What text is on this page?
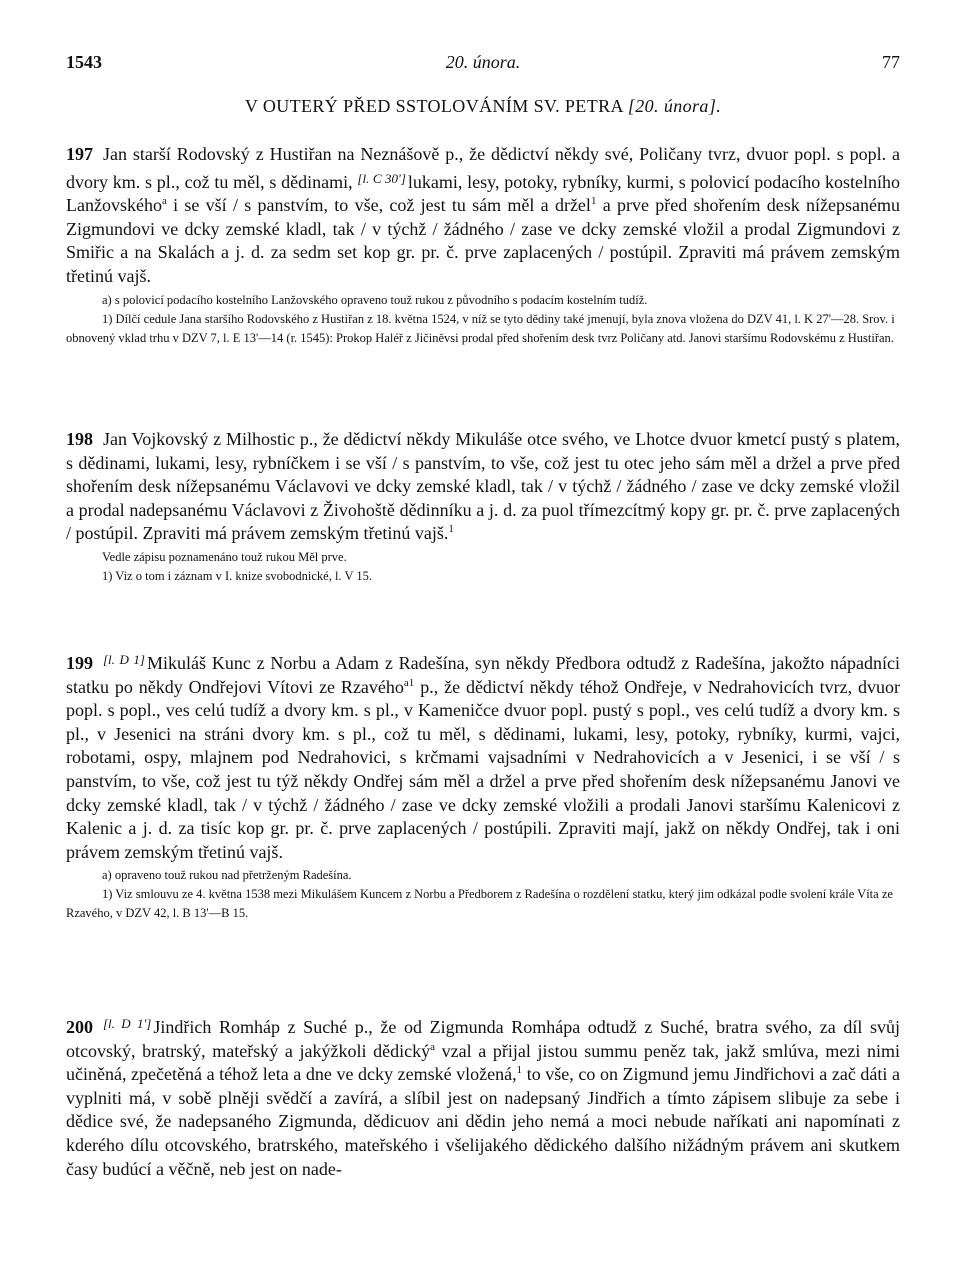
1543	20. února.	77
V OUTERÝ PŘED SSTOLOVÁNÍM SV. PETRA [20. února].

197 Jan starší Rodovský z Hustiřan na Neznášově p., že dědictví někdy své, Poličany tvrz, dvuor popl. s popl. a dvory km. s pl., což tu měl, s dědinami, [l. C 30'] lukami, lesy, potoky, rybníky, kurmi, s polovicí podacího kostelního Lanžovského$^a$ i se vší / s panstvím, to vše, což jest tu sám měl a držel$^1$ a prve před shořením desk nížepsanému Zigmundovi ve dcky zemské kladl, tak / v týchž / žádného / zase ve dcky zemské vložil a prodal Zigmundovi z Smiřic a na Skalách a j. d. za sedm set kop gr. pr. č. prve zaplacených / postúpil. Zpraviti má právem zemským třetinú vajš.

a) s polovicí podacího kostelního Lanžovského opraveno touž rukou z původního s podacím kostelním tudíž.

1) Dílčí cedule Jana staršího Rodovského z Hustiřan z 18. května 1524, v níž se tyto dědiny také jmenují, byla znova vložena do DZV 41, l. K 27'—28. Srov. i obnovený vklad trhu v DZV 7, l. E 13'—14 (r. 1545): Prokop Haléř z Jičiněvsi prodal před shořením desk tvrz Poličany atd. Janovi staršímu Rodovskému z Hustiřan.

198 Jan Vojkovský z Milhostic p., že dědictví někdy Mikuláše otce svého, ve Lhotce dvuor kmetcí pustý s platem, s dědinami, lukami, lesy, rybníčkem i se vší / s panstvím, to vše, což jest tu otec jeho sám měl a držel a prve před shořením desk nížepsanému Václavovi ve dcky zemské kladl, tak / v týchž / žádného / zase ve dcky zemské vložil a prodal nadepsanému Václavovi z Živohoště dědinníku a j. d. za puol třímezcítmý kopy gr. pr. č. prve zaplacených / postúpil. Zpraviti má právem zemským třetinú vajš.$^1$

Vedle zápisu poznamenáno touž rukou Měl prve.

1) Viz o tom i záznam v I. knize svobodnické, l. V 15.

199 [l. D 1] Mikuláš Kunc z Norbu a Adam z Radešína, syn někdy Předbora odtudž z Radešína, jakožto nápadníci statku po někdy Ondřejovi Vítovi ze Rzavého$^{a1}$ p., že dědictví někdy téhož Ondřeje, v Nedrahovicích tvrz, dvuor popl. s popl., ves celú tudíž a dvory km. s pl., v Kameničce dvuor popl. pustý s popl., ves celú tudíž a dvory km. s pl., v Jesenici na stráni dvory km. s pl., což tu měl, s dědinami, lukami, lesy, potoky, rybníky, kurmi, vajci, robotami, ospy, mlajnem pod Nedrahovici, s krčmami vajsadními v Nedrahovicích a v Jesenici, i se vší / s panstvím, to vše, což jest tu týž někdy Ondřej sám měl a držel a prve před shořením desk nížepsanému Janovi ve dcky zemské kladl, tak / v týchž / žádného / zase ve dcky zemské vložili a prodali Janovi staršímu Kalenicovi z Kalenic a j. d. za tisíc kop gr. pr. č. prve zaplacených / postúpili. Zpraviti mají, jakž on někdy Ondřej, tak i oni právem zemským třetinú vajš.

a) opraveno touž rukou nad přetrženým Radešína.

1) Viz smlouvu ze 4. května 1538 mezi Mikulášem Kuncem z Norbu a Předborem z Radešína o rozdělení statku, který jim odkázal podle svolení krále Víta ze Rzavého, v DZV 42, l. B 13'—B 15.

200 [l. D 1'] Jindřich Romháp z Suché p., že od Zigmunda Romhápa odtudž z Suché, bratra svého, za díl svůj otcovský, bratrský, mateřský a jakýžkoli dědický$^a$ vzal a přijal jistou summu peněz tak, jakž smlúva, mezi nimi učiněná, zpečetěná a téhož leta a dne ve dcky zemské vložená,$^1$ to vše, co on Zigmund jemu Jindřichovi a zač dáti a vyplniti má, v sobě plněji svědčí a zavírá, a slíbil jest on nadepsaný Jindřich a tímto zápisem slibuje za sebe i dědice své, že nadepsaného Zigmunda, dědicuov ani dědin jeho nemá a moci nebude naříkati ani napomínati z kderého dílu otcovského, bratrského, mateřského i všelijakého dědického dalšího nižádným právem ani skutkem časy budúcí a věčně, neb jest on nade-
